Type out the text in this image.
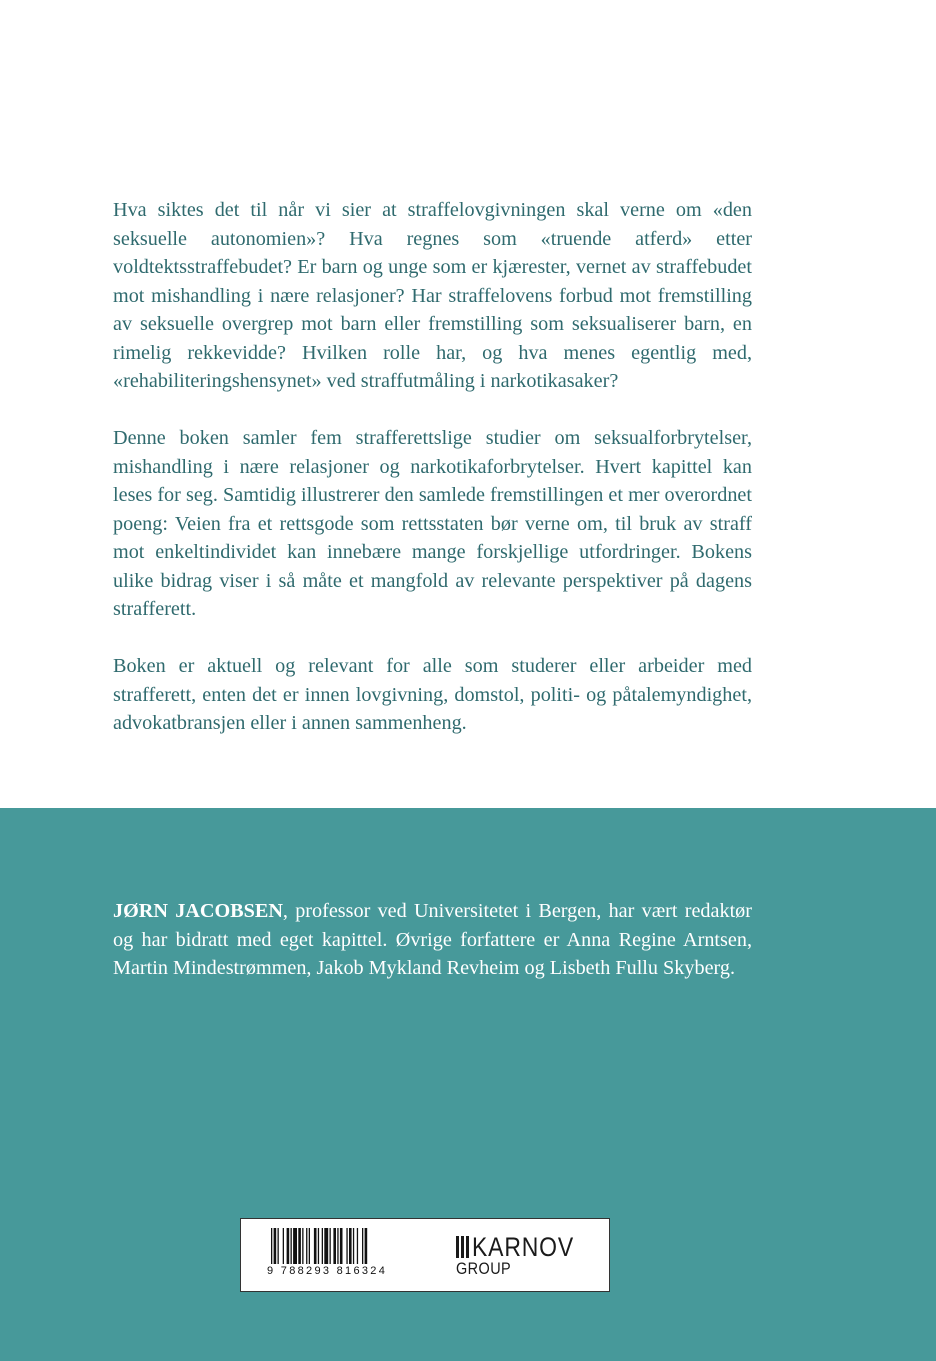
Hva siktes det til når vi sier at straffelovgivningen skal verne om «den seksuelle autonomien»? Hva regnes som «truende atferd» etter voldtektsstraffebudet? Er barn og unge som er kjærester, vernet av straffebudet mot mishandling i nære relasjoner? Har straffelovens forbud mot fremstilling av seksuelle overgrep mot barn eller fremstilling som seksualiserer barn, en rimelig rekkevidde? Hvilken rolle har, og hva menes egentlig med, «rehabiliteringshensynet» ved straffutmåling i narkotikasaker?

Denne boken samler fem strafferettslige studier om seksualforbrytelser, mishandling i nære relasjoner og narkotikaforbrytelser. Hvert kapittel kan leses for seg. Samtidig illustrerer den samlede fremstillingen et mer overordnet poeng: Veien fra et rettsgode som rettsstaten bør verne om, til bruk av straff mot enkeltindividet kan innebære mange forskjellige utfordringer. Bokens ulike bidrag viser i så måte et mangfold av relevante perspektiver på dagens strafferett.

Boken er aktuell og relevant for alle som studerer eller arbeider med strafferett, enten det er innen lovgivning, domstol, politi- og påtalemyndighet, advokatbransjen eller i annen sammenheng.

JØRN JACOBSEN, professor ved Universitetet i Bergen, har vært redaktør og har bidratt med eget kapittel. Øvrige forfattere er Anna Regine Arntsen, Martin Mindestrømmen, Jakob Mykland Revheim og Lisbeth Fullu Skyberg.

9 788293 816324
KARNOV
GROUP
